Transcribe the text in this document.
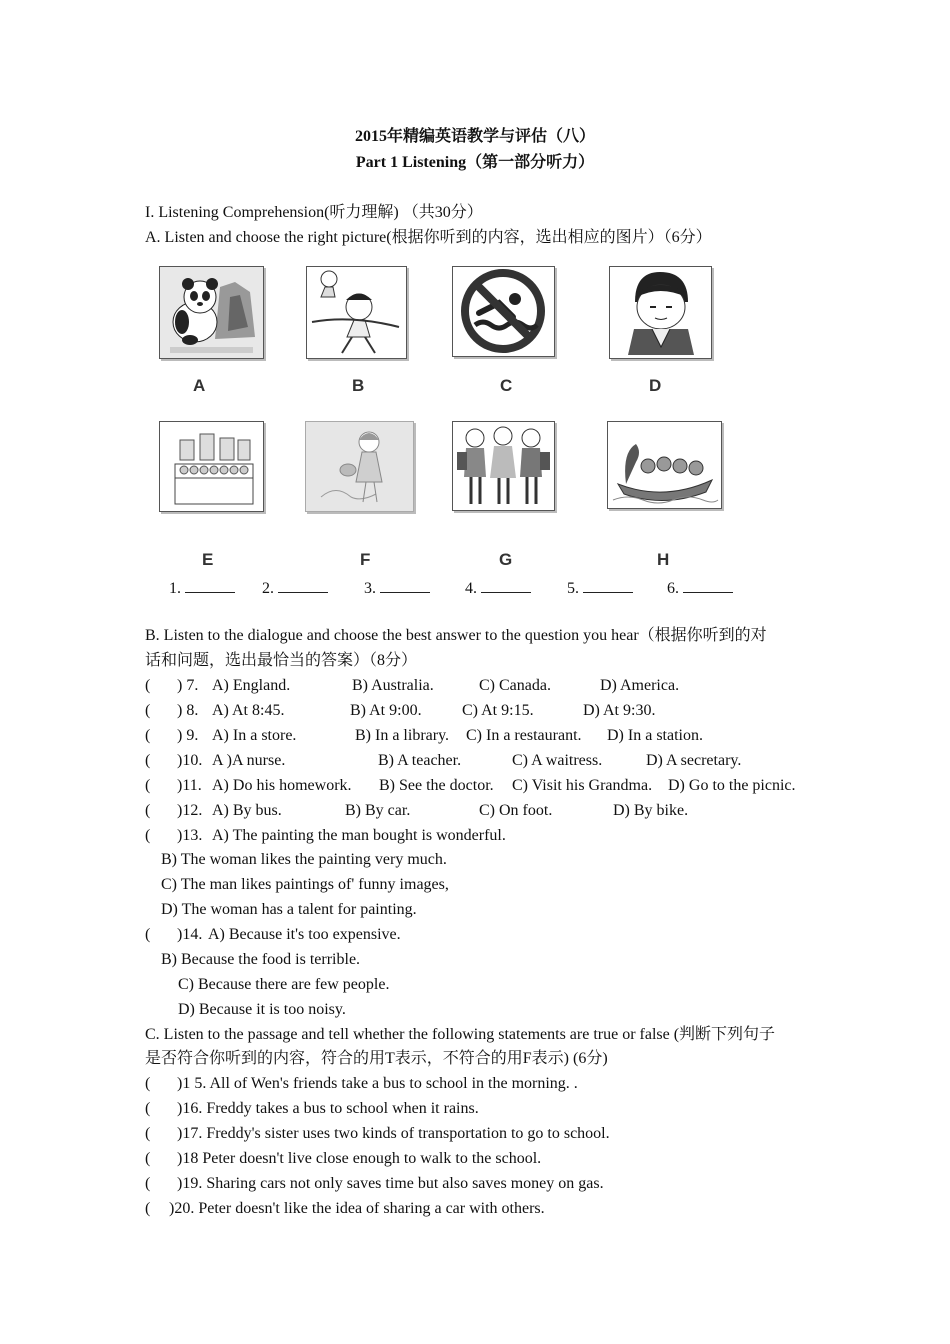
2015年精编英语教学与评估（八）
Part 1 Listening（第一部分听力）
I. Listening Comprehension(听力理解) （共30分）
A. Listen and choose the right picture(根据你听到的内容，选出相应的图片）（6分）
A	B	C	D
E	F	G	H
1.	2.	3.	4.	5.	6.
B. Listen to the dialogue and choose the best answer to the question you hear（根据你听到的对
话和问题，选出最恰当的答案）（8分）
( ) 7. A) England.	B) Australia.	C) Canada.	D) America.
( ) 8. A) At 8:45.	B) At 9:00.	C) At 9:15.	D) At 9:30.
( ) 9. A) In a store.	B) In a library. C) In a restaurant. D) In a station.
( )10. A )A nurse.	B) A teacher.	C) A waitress.	D) A secretary.
( )11. A) Do his homework. B) See the doctor. C) Visit his Grandma. D) Go to the picnic.
( )12. A) By bus.	B) By car.	C) On foot.	D) By bike.
( )13. A) The painting the man bought is wonderful.
B) The woman likes the painting very much.
C) The man likes paintings of' funny images,
D) The woman has a talent for painting.
( )14. A) Because it's too expensive.
B) Because the food is terrible.
C) Because there are few people.
D) Because it is too noisy.
C. Listen to the passage and tell whether the following statements are true or false (判断下列句子
是否符合你听到的内容，符合的用T表示，不符合的用F表示) (6分)
( )1 5. All of Wen's friends take a bus to school in the morning. .
( )16. Freddy takes a bus to school when it rains.
( )17. Freddy's sister uses two kinds of transportation to go to school.
( )18 Peter doesn't live close enough to walk to the school.
( )19. Sharing cars not only saves time but also saves money on gas.
( )20. Peter doesn't like the idea of sharing a car with others.
